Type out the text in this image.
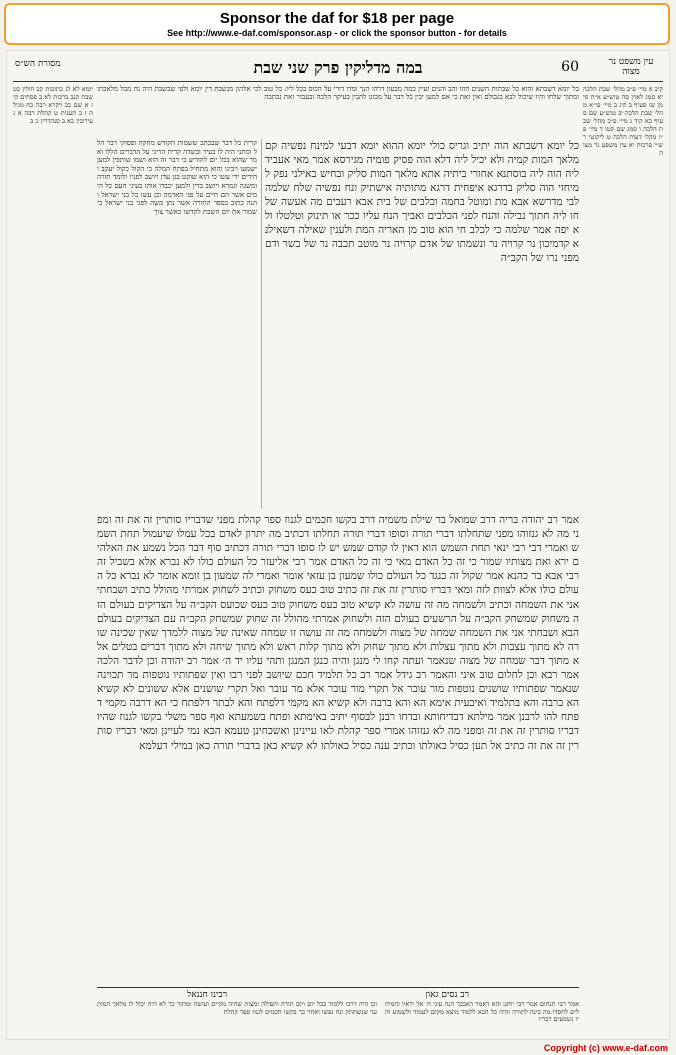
Sponsor the daf for $18 per page
See http://www.e-daf.com/sponsor.asp - or click the sponsor button - for details
עין משפט נר מצוה
60
במה מדליקין פרק שני שבת
מסורת הש״ס

כל יומא דשבתא והוא כל שבתות השנים הוזו והב והנים ועיין כמה מבעון דרהו הנך ומדו דורי על הכוס בכל ליו: כל טוב לכי אלהון מנשבת דין יומא ולפי שבשבת היה נח מכל מלאכתו ומתוך שלחו והיו שיכול לבא בגבולם ואין זאת כי אם למען יבין כל דבר על מכונו להבין בעיקר הלכה ובעבור זאת נכתבה

קרית כל דבר שבכתב ששמות הקודש מחקה ופסוקי דבר הלל ומתני היה לו בעיר ובשדה קרית הריני על הדברים הללו ואמר שהוא בכל יום להודיע כי דבר זה הוא ושמו שותפין למען ישמעו ויבינו והוא מתחיל בפתח המלה כי הקול כקול יעקב והידים ידי עשו כי הוא שוקט בגן עדן ויושב לפניו ולומד תורה ומשנה וגמרא ויושב בדין ולמען יכבדו אותו בעיני העם כל הימים אשר הם חיים על פני האדמה וכן עשו כל בני ישראל והנה כתוב בספר התורה אשר נתן משה לפני בני ישראל כי שמור את יום השבת לקדשו כאשר צוך

כל יומא דשבתא הוה יתיב וגריס כולי יומא ההוא יומא דבעי למינח נפשיה קם מלאך המות קמיה ולא יכיל ליה דלא הוה פסיק פומיה מגירסא אמר מאי אעביד ליה הוה ליה בוסתנא אחורי ביתיה אתא מלאך המות סליק ובחיש באילני נפק למיחזי הוה סליק בדרגא איפחית דרגא מתותיה אישתיק ונח נפשיה שלח שלמה לבי מדרשא אבא מת ומוטל בחמה וכלבים של בית אבא רעבים מה אעשה שלחו ליה חתוך נבילה והנח לפני הכלבים ואביך הנח עליו ככר או תינוק וטלטלו ולא יפה אמר שלמה כי לכלב חי הוא טוב מן האריה המת ולענין שאילה דשאילנא קדמיכון נר קרויה נר ונשמתו של אדם קרויה נר מוטב תכבה נר של בשר ודם מפני נרו של הקב״ה

אמר רב יהודה בריה דרב שמואל בר שילת משמיה דרב בקשו חכמים לגנוז ספר קהלת מפני שדבריו סותרין זה את זה ומפני מה לא גנזוהו מפני שתחלתו דברי תורה וסופו דברי תורה תחלתו דכתיב מה יתרון לאדם בכל עמלו שיעמול תחת השמש ואמרי דבי רבי ינאי תחת השמש הוא דאין לו קודם שמש יש לו סופו דברי תורה דכתיב סוף דבר הכל נשמע את האלהים ירא ואת מצותיו שמור כי זה כל האדם מאי כי זה כל האדם אמר רבי אליעזר כל העולם כולו לא נברא אלא בשביל זה רבי אבא בר כהנא אמר שקול זה כנגד כל העולם כולו שמעון בן עזאי אומר ואמרי לה שמעון בן זומא אומר לא נברא כל העולם כולו אלא לצוות לזה ומאי דבריו סותרין זה את זה כתיב טוב כעס משחוק וכתיב לשחוק אמרתי מהולל כתיב ושבחתי אני את השמחה וכתיב ולשמחה מה זה עושה לא קשיא טוב כעס משחוק טוב כעס שכועס הקב״ה על הצדיקים בעולם הזה משחוק שמשחק הקב״ה על הרשעים בעולם הזה ולשחוק אמרתי מהולל זה שחוק שמשחק הקב״ה עם הצדיקים בעולם הבא ושבחתי אני את השמחה שמחה של מצוה ולשמחה מה זה עושה זו שמחה שאינה של מצוה ללמדך שאין שכינה שורה לא מתוך עצבות ולא מתוך עצלות ולא מתוך שחוק ולא מתוך קלות ראש ולא מתוך שיחה ולא מתוך דברים בטלים אלא מתוך דבר שמחה של מצוה שנאמר ועתה קחו לי מנגן והיה כנגן המנגן ותהי עליו יד ה׳ אמר רב יהודה וכן לדבר הלכה אמר רבא וכן לחלום טוב איני והאמר רב גידל אמר רב כל תלמיד חכם שיושב לפני רבו ואין שפתותיו נוטפות מר תכוינה שנאמר שפתותיו שושנים נוטפות מור עובר אל תקרי מור עובר אלא מר עובר ואל תקרי שושנים אלא ששונים לא קשיא הא ברבה והא בתלמיד ואיבעית אימא הא והא ברבה ולא קשיא הא מקמי דלפתח והא לבתר דלפתח כי הא דרבה מקמי דפתח להו לרבנן אמר מילתא דבדיחותא ובדחו רבנן לבסוף יתיב באימתא ופתח בשמעתא ואף ספר משלי בקשו לגנוז שהיו דבריו סותרין זה את זה ומפני מה לא גנזוהו אמרי ספר קהלת לאו עיינינן ואשכחינן טעמא הכא נמי לעיינן ומאי דבריו סותרין זה את זה כתיב אל תען כסיל כאולתו וכתיב ענה כסיל כאולתו לא קשיא כאן בדברי תורה כאן במילי דעלמא

קיב א מיי׳ פ״ב מהל׳ שבת הלכה יא סמג לאוין סה טוש״ע א״ח סימן שז סעיף ב קיג ב מיי׳ פי״א מהל׳ שבת הלכה יב טוש״ע שם סעיף כא קיד ג מיי׳ פ״כ מהל׳ שבת הלכה ו סמג שם קטו ד מיי׳ פ״ו מהל׳ דעות הלכה ט ליקוטי רש״י פרכות יא עין משפט גר מצוה

יומא לא לג כתובות קב חולין כט שבת קנב ברכות לא ב פסחים קיז א שם כב ויקרא רבה כח מגילה ז ב תענית ט קהלת רבה א ג עירובין כא ב סנהדרין כ ב

רבינו חננאל	רב נסים גאון

וכן היה דרכו ללמוד בכל יום ויום תורה ותפילה ומצות שהיה מקיים ועושה ומתוך כך לא היה יכול לו מלאך המות עד שנשתתק ונח נפשו ואחר כך בקשו חכמים לגנוז ספר קהלת

אמר רבי תנחום אמר רבי יוחנן והא דאמר ראבכך הנה עיני ה׳ אל יראיו והמיחלים לחסדו מה בינה לתורה והיה כל הבא ללמוד מוצא מקום לעמוד ולשמוע והיו נשמעים דבריו

Copyright (c) www.e-daf.com
